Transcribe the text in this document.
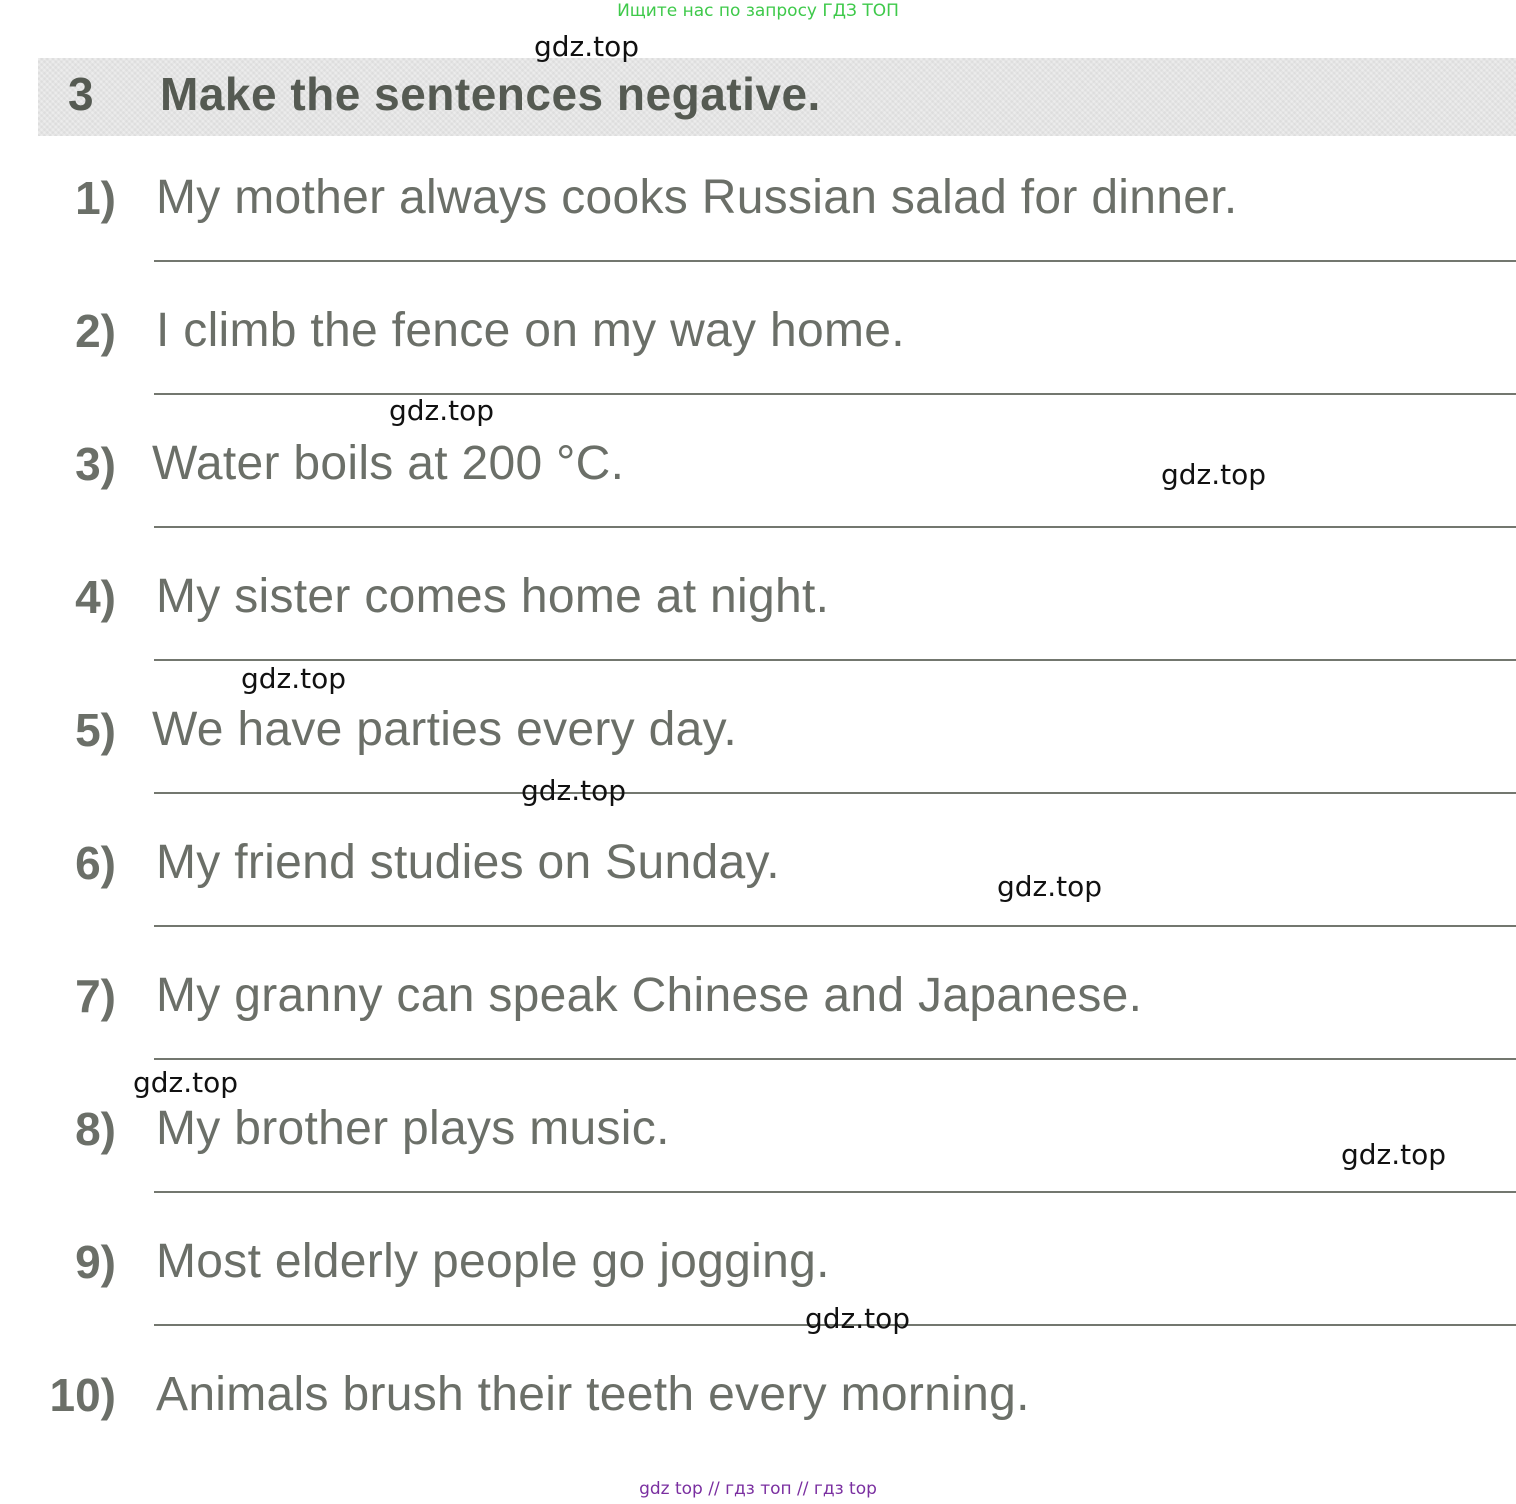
Ищите нас по запросу ГДЗ ТОП
3 Make the sentences negative.
1) My mother always cooks Russian salad for dinner.
2) I climb the fence on my way home.
3) Water boils at 200 °C.
4) My sister comes home at night.
5) We have parties every day.
6) My friend studies on Sunday.
7) My granny can speak Chinese and Japanese.
8) My brother plays music.
9) Most elderly people go jogging.
10) Animals brush their teeth every morning.
gdz.top
gdz.top
gdz.top
gdz.top
gdz.top
gdz.top
gdz.top
gdz.top
gdz.top
gdz top // гдз топ // гдз top
